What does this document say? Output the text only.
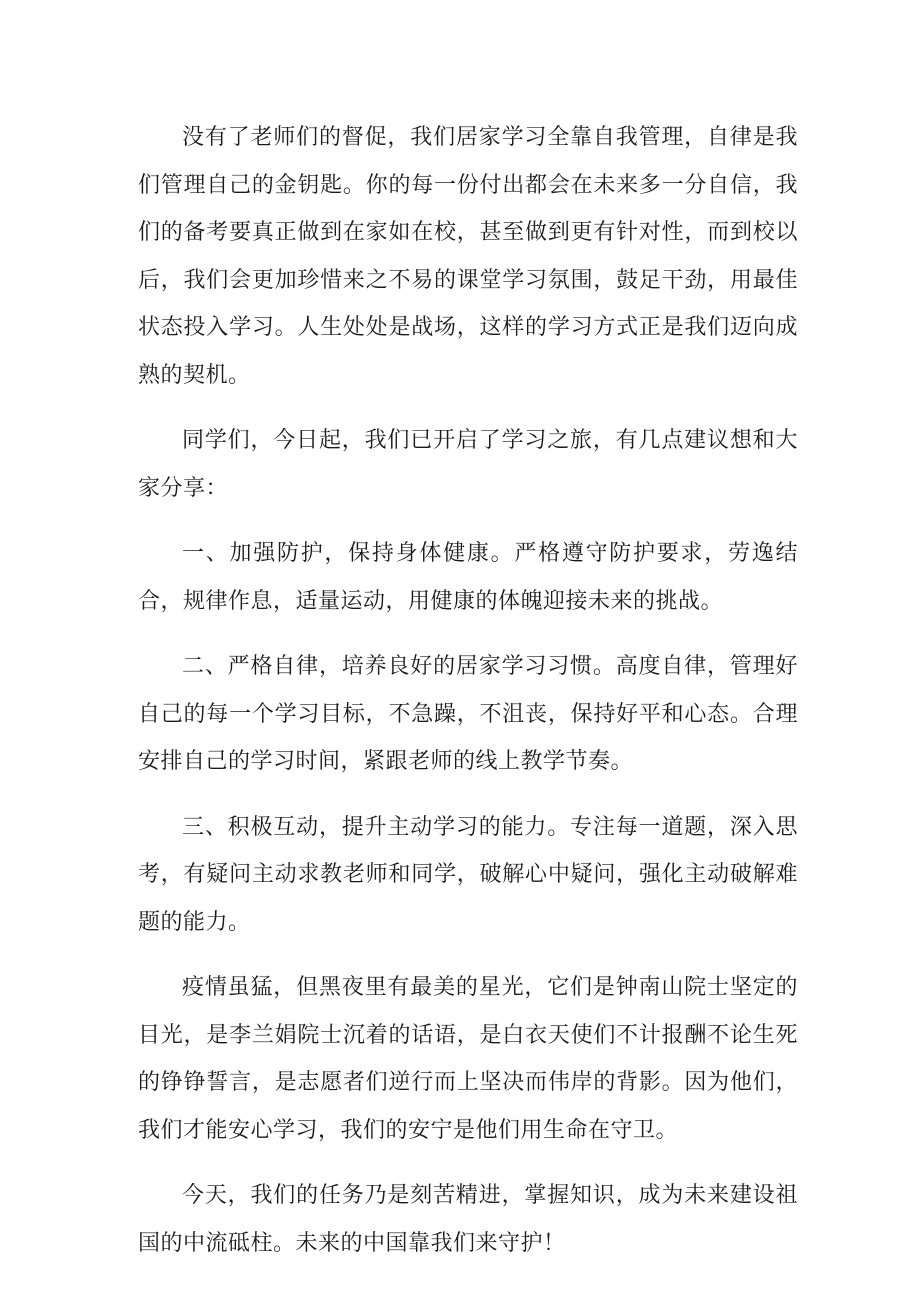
没有了老师们的督促，我们居家学习全靠自我管理，自律是我们管理自己的金钥匙。你的每一份付出都会在未来多一分自信，我们的备考要真正做到在家如在校，甚至做到更有针对性，而到校以后，我们会更加珍惜来之不易的课堂学习氛围，鼓足干劲，用最佳状态投入学习。人生处处是战场，这样的学习方式正是我们迈向成熟的契机。

同学们，今日起，我们已开启了学习之旅，有几点建议想和大家分享：

一、加强防护，保持身体健康。严格遵守防护要求，劳逸结合，规律作息，适量运动，用健康的体魄迎接未来的挑战。

二、严格自律，培养良好的居家学习习惯。高度自律，管理好自己的每一个学习目标，不急躁，不沮丧，保持好平和心态。合理安排自己的学习时间，紧跟老师的线上教学节奏。

三、积极互动，提升主动学习的能力。专注每一道题，深入思考，有疑问主动求教老师和同学，破解心中疑问，强化主动破解难题的能力。

疫情虽猛，但黑夜里有最美的星光，它们是钟南山院士坚定的目光，是李兰娟院士沉着的话语，是白衣天使们不计报酬不论生死的铮铮誓言，是志愿者们逆行而上坚决而伟岸的背影。因为他们，我们才能安心学习，我们的安宁是他们用生命在守卫。

今天，我们的任务乃是刻苦精进，掌握知识，成为未来建设祖国的中流砥柱。未来的中国靠我们来守护！
